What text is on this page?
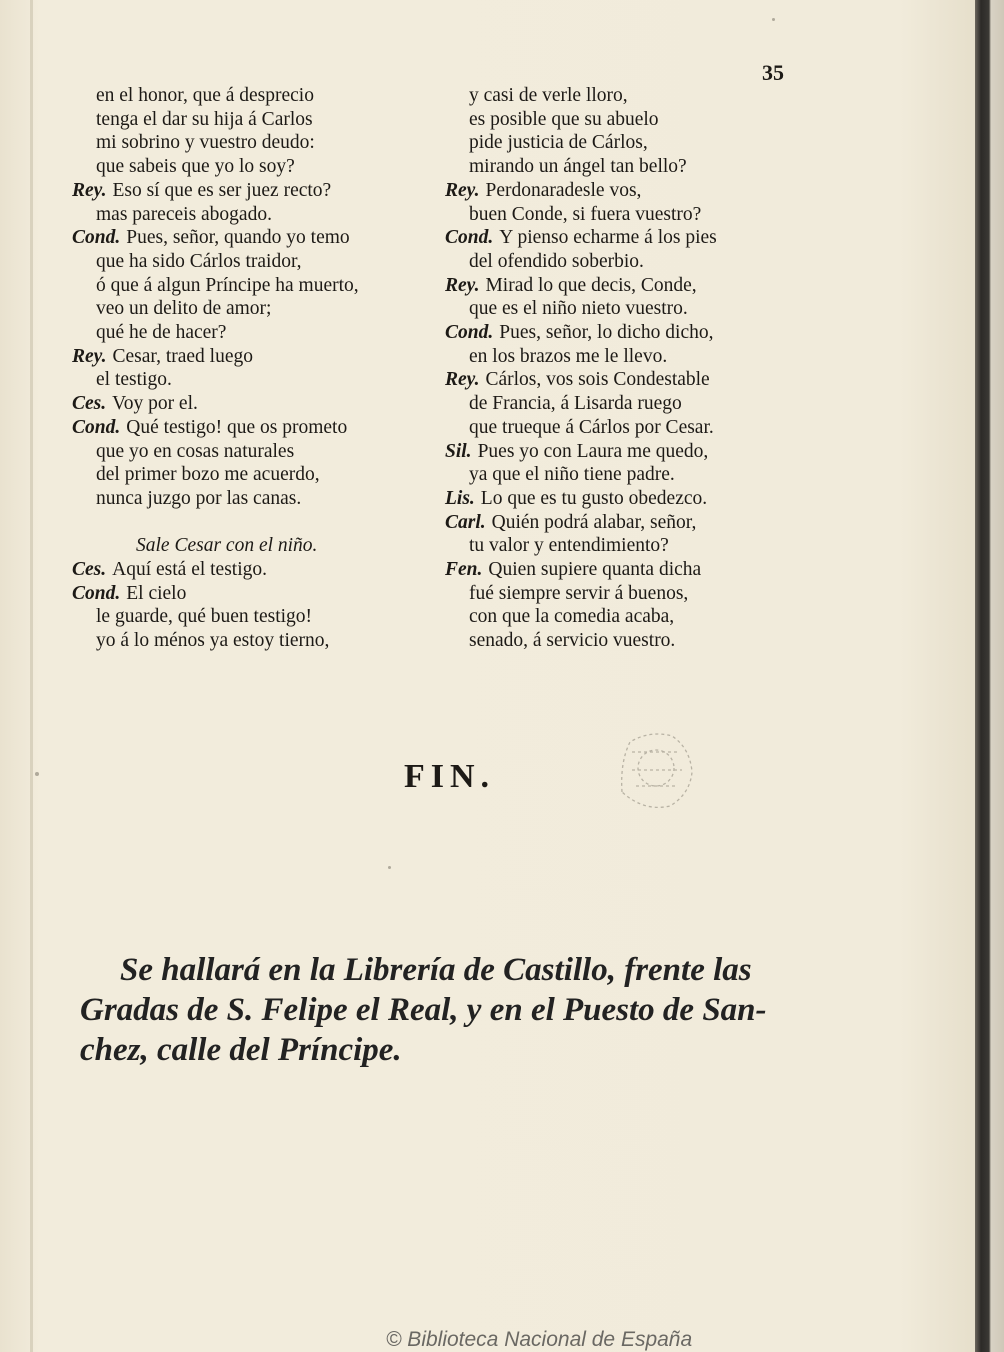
35
en el honor, que á desprecio
tenga el dar su hija á Carlos
mi sobrino y vuestro deudo:
que sabeis que yo lo soy?
Rey. Eso sí que es ser juez recto?
mas pareceis abogado.
Cond. Pues, señor, quando yo temo
que ha sido Cárlos traidor,
ó que á algun Príncipe ha muerto,
veo un delito de amor;
qué he de hacer?
Rey. Cesar, traed luego
el testigo.
Ces. Voy por el.
Cond. Qué testigo! que os prometo
que yo en cosas naturales
del primer bozo me acuerdo,
nunca juzgo por las canas.
Sale Cesar con el niño.
Ces. Aquí está el testigo.
Cond. El cielo
le guarde, qué buen testigo!
yo á lo ménos ya estoy tierno,
y casi de verle lloro,
es posible que su abuelo
pide justicia de Cárlos,
mirando un ángel tan bello?
Rey. Perdonaradesle vos,
buen Conde, si fuera vuestro?
Cond. Y pienso echarme á los pies
del ofendido soberbio.
Rey. Mirad lo que decis, Conde,
que es el niño nieto vuestro.
Cond. Pues, señor, lo dicho dicho,
en los brazos me le llevo.
Rey. Cárlos, vos sois Condestable
de Francia, á Lisarda ruego
que trueque á Cárlos por Cesar.
Sil. Pues yo con Laura me quedo,
ya que el niño tiene padre.
Lis. Lo que es tu gusto obedezco.
Carl. Quién podrá alabar, señor,
tu valor y entendimiento?
Fen. Quien supiere quanta dicha
fué siempre servir á buenos,
con que la comedia acaba,
senado, á servicio vuestro.
FIN.
Se hallará en la Librería de Castillo, frente las
Gradas de S. Felipe el Real, y en el Puesto de San-
chez, calle del Príncipe.
© Biblioteca Nacional de España
